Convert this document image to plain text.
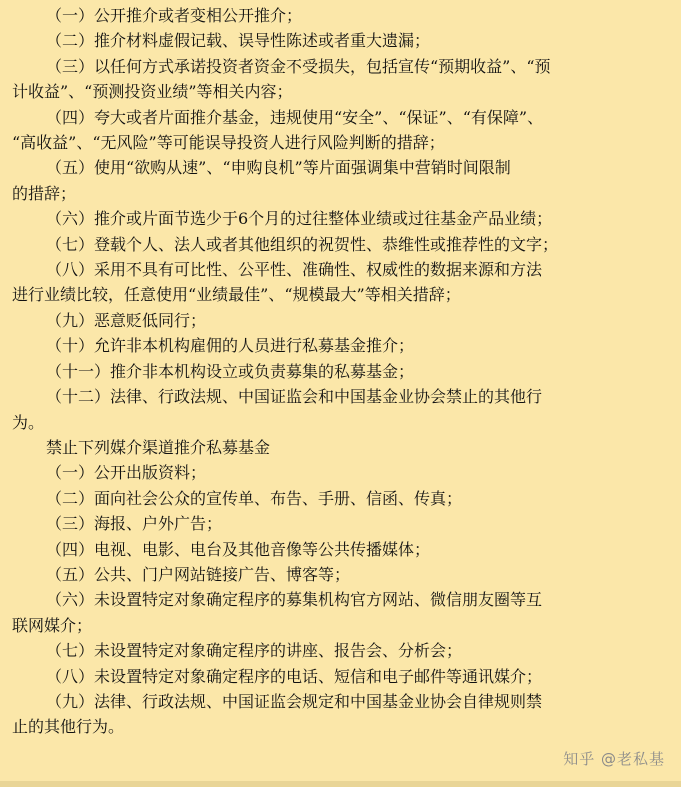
（一）公开推介或者变相公开推介；
（二）推介材料虚假记载、误导性陈述或者重大遗漏；
（三）以任何方式承诺投资者资金不受损失，包括宣传“预期收益”、“预
计收益”、“预测投资业绩”等相关内容；
（四）夸大或者片面推介基金，违规使用“安全”、“保证”、“有保障”、
“高收益”、“无风险”等可能误导投资人进行风险判断的措辞；
（五）使用“欲购从速”、“申购良机”等片面强调集中营销时间限制
的措辞；
（六）推介或片面节选少于6个月的过往整体业绩或过往基金产品业绩；
（七）登载个人、法人或者其他组织的祝贺性、恭维性或推荐性的文字；
（八）采用不具有可比性、公平性、准确性、权威性的数据来源和方法
进行业绩比较，任意使用“业绩最佳”、“规模最大”等相关措辞；
（九）恶意贬低同行；
（十）允许非本机构雇佣的人员进行私募基金推介；
（十一）推介非本机构设立或负责募集的私募基金；
（十二）法律、行政法规、中国证监会和中国基金业协会禁止的其他行
为。
禁止下列媒介渠道推介私募基金
（一）公开出版资料；
（二）面向社会公众的宣传单、布告、手册、信函、传真；
（三）海报、户外广告；
（四）电视、电影、电台及其他音像等公共传播媒体；
（五）公共、门户网站链接广告、博客等；
（六）未设置特定对象确定程序的募集机构官方网站、微信朋友圈等互
联网媒介；
（七）未设置特定对象确定程序的讲座、报告会、分析会；
（八）未设置特定对象确定程序的电话、短信和电子邮件等通讯媒介；
（九）法律、行政法规、中国证监会规定和中国基金业协会自律规则禁
止的其他行为。
知乎 @老私基
